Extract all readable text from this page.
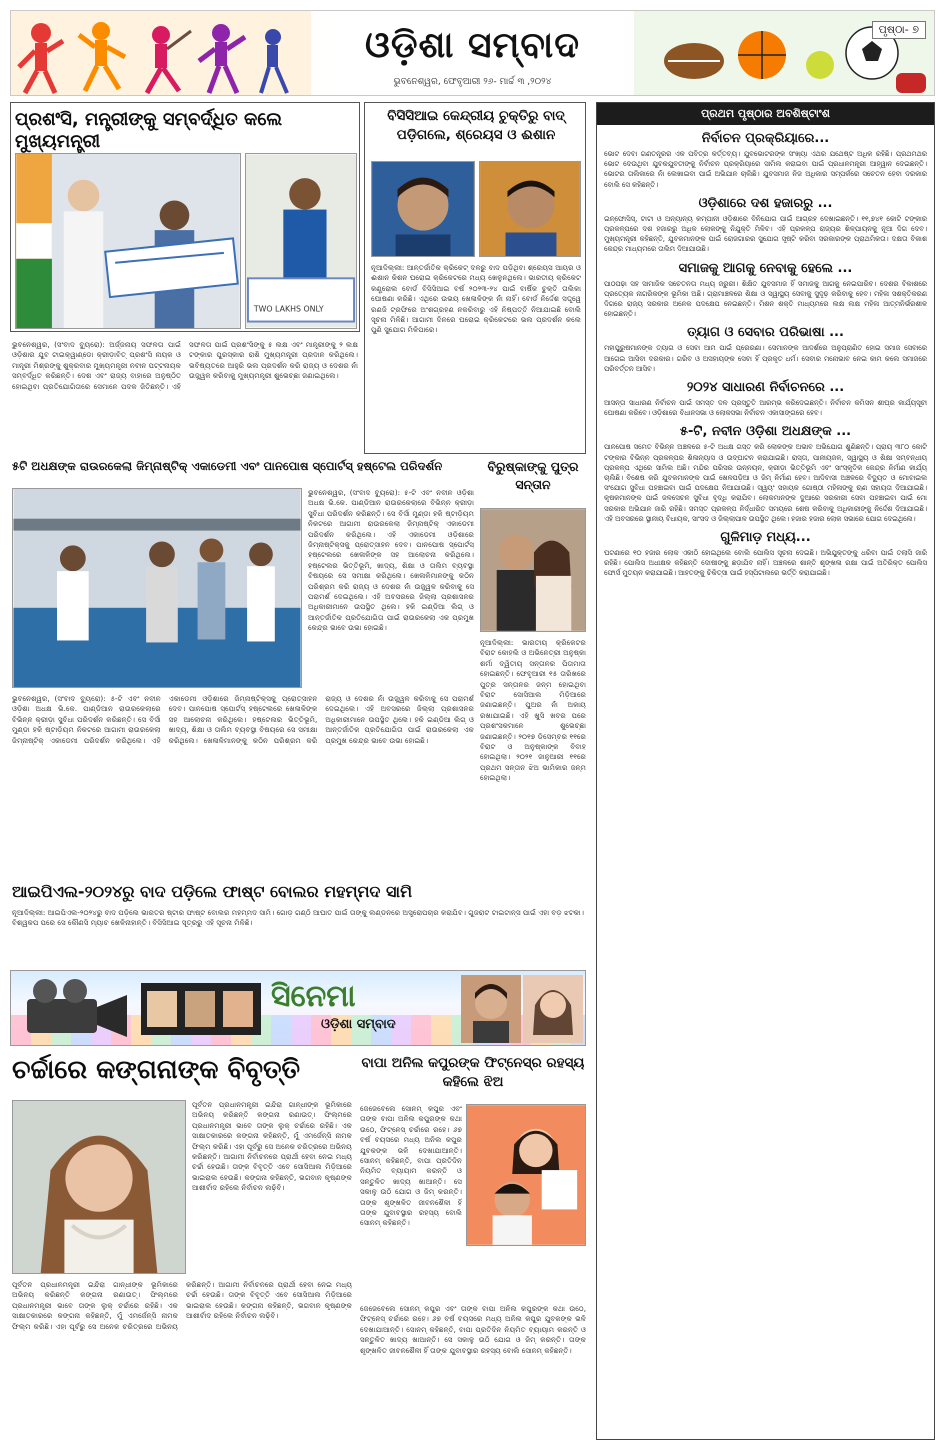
ଓଡ଼ିଶା ସମ୍ବାଦ
ଭୁବନେଶ୍ୱର, ଫେବୃଆରୀ ୨୬- ମାର୍ଚ୍ଚ ୩ ,୨୦୨୪
ପୃଷ୍ଠା- ୭
ପ୍ରଶଂସି, ମନ୍ତ୍ରୀଙ୍କୁ ସମ୍ବର୍ଦ୍ଧିତ କଲେ ମୁଖ୍ୟମନ୍ତ୍ରୀ
TWO LAKHS ONLY
ଭୁବନେଶ୍ୱର, (ସଂବାଦ ବ୍ୟୁରୋ): ଅର୍ଜ୍ଜନାୟ ସଫଳତା ପାଇଁ ଓଡ଼ିଶାର ଯୁବ ଟାଇକ୍ୱାଣ୍ଡୋ କ୍ରୀଡ଼ାବିତ୍ ପ୍ରଶଂସି ନାୟକ ଓ ମାନ୍ତ୍ରୀ ମିଶ୍ରଙ୍କୁ ଶୁକ୍ରବାର ମୁଖ୍ୟମନ୍ତ୍ରୀ ନବୀନ ପଟ୍ଟନାୟକ ସମ୍ବର୍ଦ୍ଧିତ କରିଛନ୍ତି। ଦେଶ ଏବଂ ରାଜ୍ୟ ବାହାରେ ଅନୁଷ୍ଠିତ ହୋଇଥିବା ପ୍ରତିଯୋଗିତାରେ ସେମାନେ ପଦକ ଜିତିଛନ୍ତି। ଏହି ସଫଳତା ପାଇଁ ପ୍ରଶଂସିଙ୍କୁ ୫ ଲକ୍ଷ ଏବଂ ମାନ୍ତ୍ରୀଙ୍କୁ ୨ ଲକ୍ଷ ଟଙ୍କାର ପୁରସ୍କାର ରାଶି ମୁଖ୍ୟମନ୍ତ୍ରୀ ପ୍ରଦାନ କରିଥିଲେ। ଭବିଷ୍ୟତରେ ଆହୁରି ଭଲ ପ୍ରଦର୍ଶନ କରି ରାଜ୍ୟ ଓ ଦେଶର ନାଁ ଉଜ୍ଜ୍ୱଳ କରିବାକୁ ମୁଖ୍ୟମନ୍ତ୍ରୀ ଶୁଭେଚ୍ଛା ଜଣାଇଥିଲେ।
ବିସିସିଆଇ କେନ୍ଦ୍ରୀୟ ଚୁକ୍ତିରୁ ବାଦ୍ ପଡ଼ିଗଲେ, ଶ୍ରେୟସ ଓ ଈଶାନ
ନୂଆଦିଲ୍ଲୀ: ଆନ୍ତର୍ଜାତିକ କ୍ରିକେଟ୍ ଦଳରୁ ବାଦ ପଡ଼ିଥିବା ଶ୍ରେୟସ ଆୟର ଓ ଈଶାନ କିଶନ ଘରୋଇ କ୍ରିକେଟରେ ମଧ୍ୟ ଖେଳୁନଥିଲେ। ଭାରତୀୟ କ୍ରିକେଟ କଣ୍ଟ୍ରୋଲ ବୋର୍ଡ ବିସିସିଆଇ ବର୍ଷ ୨୦୨୩-୨୪ ପାଇଁ ବାର୍ଷିକ ଚୁକ୍ତି ତାଲିକା ଘୋଷଣା କରିଛି। ଏଥିରେ ଉଭୟ ଖେଳାଳିଙ୍କ ନାଁ ନାହିଁ। ବୋର୍ଡ ନିର୍ଦ୍ଦେଶ ସତ୍ତ୍ୱେ ରଣଜି ଟ୍ରଫିରେ ଅଂଶଗ୍ରହଣ ନକରିବାରୁ ଏହି ନିଷ୍ପତ୍ତି ନିଆଯାଇଛି ବୋଲି ସୂଚନା ମିଳିଛି। ଆଗାମୀ ଦିନରେ ଘରୋଇ କ୍ରିକେଟରେ ଭଲ ପ୍ରଦର୍ଶନ କଲେ ପୁଣି ସୁଯୋଗ ମିଳିପାରେ।
୫ଟି ଅଧକ୍ଷଙ୍କ ରାଉରକେଲା ଜିମ୍ନାଷ୍ଟିକ୍ ଏକାଡେମୀ ଏବଂ ପାନପୋଷ ସ୍ପୋର୍ଟସ୍ ହଷ୍ଟେଲ ପରିଦର୍ଶନ
ଭୁବନେଶ୍ୱର, (ସଂବାଦ ବ୍ୟୁରୋ): ୫-ଟି ଏବଂ ନବୀନ ଓଡ଼ିଶା ଅଧକ୍ଷ ଭି.କେ. ପାଣ୍ଡିଆନ ରାଉରକେଲାରେ ବିଭିନ୍ନ କ୍ରୀଡ଼ା ସୁବିଧା ପରିଦର୍ଶନ କରିଛନ୍ତି। ସେ ବିର୍ସା ମୁଣ୍ଡା ହକି ଷ୍ଟାଡ଼ିୟମ ନିକଟରେ ଆଗାମୀ ରାଉରକେଲା ଜିମ୍ନାଷ୍ଟିକ୍ ଏକାଡେମୀ ପରିଦର୍ଶନ କରିଥିଲେ। ଏହି ଏକାଡେମୀ ଓଡ଼ିଶାରେ ଜିମ୍ନାଷ୍ଟିକ୍ସକୁ ପ୍ରୋତ୍ସାହନ ଦେବ। ପାନପୋଷ ସ୍ପୋର୍ଟସ୍ ହଷ୍ଟେଲରେ ଖେଳାଳିଙ୍କ ସହ ଆଲୋଚନା କରିଥିଲେ। ହଷ୍ଟେଲର ଭିତ୍ତିଭୂମି, ଖାଦ୍ୟ, ଶିକ୍ଷା ଓ ତାଲିମ ବ୍ୟବସ୍ଥା ବିଷୟରେ ସେ ସମୀକ୍ଷା କରିଥିଲେ। ଖେଳାଳିମାନଙ୍କୁ କଠିନ ପରିଶ୍ରମ କରି ରାଜ୍ୟ ଓ ଦେଶର ନାଁ ଉଜ୍ଜ୍ୱଳ କରିବାକୁ ସେ ପରାମର୍ଶ ଦେଇଥିଲେ। ଏହି ଅବସରରେ ଜିଲ୍ଲା ପ୍ରଶାସନର ଅଧିକାରୀମାନେ ଉପସ୍ଥିତ ଥିଲେ। ହକି ଇଣ୍ଡିଆ ଲିଗ୍ ଓ ଆନ୍ତର୍ଜାତିକ ପ୍ରତିଯୋଗିତା ପାଇଁ ରାଉରକେଲା ଏକ ପ୍ରମୁଖ କେନ୍ଦ୍ର ଭାବେ ଉଭା ହୋଇଛି।
ଭୁବନେଶ୍ୱର, (ସଂବାଦ ବ୍ୟୁରୋ): ୫-ଟି ଏବଂ ନବୀନ ଓଡ଼ିଶା ଅଧକ୍ଷ ଭି.କେ. ପାଣ୍ଡିଆନ ରାଉରକେଲାରେ ବିଭିନ୍ନ କ୍ରୀଡ଼ା ସୁବିଧା ପରିଦର୍ଶନ କରିଛନ୍ତି। ସେ ବିର୍ସା ମୁଣ୍ଡା ହକି ଷ୍ଟାଡ଼ିୟମ ନିକଟରେ ଆଗାମୀ ରାଉରକେଲା ଜିମ୍ନାଷ୍ଟିକ୍ ଏକାଡେମୀ ପରିଦର୍ଶନ କରିଥିଲେ। ଏହି ଏକାଡେମୀ ଓଡ଼ିଶାରେ ଜିମ୍ନାଷ୍ଟିକ୍ସକୁ ପ୍ରୋତ୍ସାହନ ଦେବ। ପାନପୋଷ ସ୍ପୋର୍ଟସ୍ ହଷ୍ଟେଲରେ ଖେଳାଳିଙ୍କ ସହ ଆଲୋଚନା କରିଥିଲେ। ହଷ୍ଟେଲର ଭିତ୍ତିଭୂମି, ଖାଦ୍ୟ, ଶିକ୍ଷା ଓ ତାଲିମ ବ୍ୟବସ୍ଥା ବିଷୟରେ ସେ ସମୀକ୍ଷା କରିଥିଲେ। ଖେଳାଳିମାନଙ୍କୁ କଠିନ ପରିଶ୍ରମ କରି ରାଜ୍ୟ ଓ ଦେଶର ନାଁ ଉଜ୍ଜ୍ୱଳ କରିବାକୁ ସେ ପରାମର୍ଶ ଦେଇଥିଲେ। ଏହି ଅବସରରେ ଜିଲ୍ଲା ପ୍ରଶାସନର ଅଧିକାରୀମାନେ ଉପସ୍ଥିତ ଥିଲେ। ହକି ଇଣ୍ଡିଆ ଲିଗ୍ ଓ ଆନ୍ତର୍ଜାତିକ ପ୍ରତିଯୋଗିତା ପାଇଁ ରାଉରକେଲା ଏକ ପ୍ରମୁଖ କେନ୍ଦ୍ର ଭାବେ ଉଭା ହୋଇଛି।
ବିରୁଷ୍କାଙ୍କୁ ପୁତ୍ର ସନ୍ତାନ
ନୂଆଦିଲ୍ଲୀ: ଭାରତୀୟ କ୍ରିକେଟର ବିରାଟ କୋହଲି ଓ ଅଭିନେତ୍ରୀ ଅନୁଷ୍କା ଶର୍ମା ଦ୍ୱିତୀୟ ସନ୍ତାନର ପିତାମାତା ହୋଇଛନ୍ତି। ଫେବୃଆରୀ ୧୫ ତାରିଖରେ ପୁତ୍ର ସନ୍ତାନର ଜନ୍ମ ହୋଇଥିବା ବିରାଟ ସୋସିଆଲ ମିଡ଼ିଆରେ ଜଣାଇଛନ୍ତି। ପୁଅର ନାଁ ଅକାୟ ରଖାଯାଇଛି। ଏହି ଖୁସି ଖବର ପରେ ପ୍ରଶଂସକମାନେ ଶୁଭେଚ୍ଛା ଜଣାଇଛନ୍ତି। ୨୦୧୭ ଡିସେମ୍ବର ୧୧ରେ ବିରାଟ ଓ ଅନୁଷ୍କାଙ୍କ ବିବାହ ହୋଇଥିଲା। ୨୦୨୧ ଜାନୁଆରୀ ୧୧ରେ ପ୍ରଥମ ସନ୍ତାନ ଝିଅ ଭାମିକାର ଜନ୍ମ ହୋଇଥିଲା।
ଆଇପିଏଲ-୨୦୨୪ରୁ ବାଦ ପଡ଼ିଲେ ଫାଷ୍ଟ ବୋଲର ମହମ୍ମଦ ସାମି
ନୂଆଦିଲ୍ଲୀ: ଆଇପିଏଲ-୨୦୨୪ରୁ ବାଦ ପଡ଼ିଲେ ଭାରତର ଷ୍ଟାର ଫାଷ୍ଟ ବୋଲର ମହମ୍ମଦ ସାମି। ଗୋଡ଼ ଗଣ୍ଠି ଆଘାତ ପାଇଁ ତାଙ୍କୁ ଲଣ୍ଡନରେ ଅସ୍ତ୍ରୋପଚାର କରାଯିବ। ଗୁଜରାଟ ଟାଇଟାନ୍ସ ପାଇଁ ଏହା ବଡ଼ ଝଟକା। ବିଶ୍ୱକପ ପରେ ସେ କୌଣସି ମ୍ୟାଚ ଖେଳିନାହାନ୍ତି। ବିସିସିଆଇ ସୂତ୍ରରୁ ଏହି ସୂଚନା ମିଳିଛି।
ସିନେମା
ଓଡ଼ିଶା ସମ୍ବାଦ
ଚର୍ଚ୍ଚାରେ କଙ୍ଗନାଙ୍କ ବିବୃତ୍ତି
ପୂର୍ବତନ ପ୍ରଧାନମନ୍ତ୍ରୀ ଇନ୍ଦିରା ଗାନ୍ଧୀଙ୍କ ଭୂମିକାରେ ଅଭିନୟ କରିଛନ୍ତି କଙ୍ଗନା ରଣାଉତ୍। ଫିଲ୍ମରେ ପ୍ରଧାନମନ୍ତ୍ରୀ ଭାବେ ତାଙ୍କ ଲୁକ୍ ଚର୍ଚ୍ଚାରେ ରହିଛି। ଏକ ସାକ୍ଷାତକାରରେ କଙ୍ଗନା କହିଛନ୍ତି, ମୁଁ ଏମର୍ଜେନ୍ସି ନାମକ ଫିଲ୍ମ କରିଛି। ଏହା ପୂର୍ବରୁ ସେ ଅନେକ ଚରିତ୍ରରେ ଅଭିନୟ କରିଛନ୍ତି। ଆଗାମୀ ନିର୍ବାଚନରେ ପ୍ରାର୍ଥୀ ହେବା ନେଇ ମଧ୍ୟ ଚର୍ଚ୍ଚା ହେଉଛି। ତାଙ୍କ ବିବୃତ୍ତି ଏବେ ସୋସିଆଲ ମିଡ଼ିଆରେ ଭାଇରାଲ ହେଉଛି। କଙ୍ଗନା କହିଛନ୍ତି, ଭଗବାନ କୃଷ୍ଣଙ୍କ ଆଶୀର୍ବାଦ ରହିଲେ ନିର୍ବାଚନ ଲଢ଼ିବି।
ପୂର୍ବତନ ପ୍ରଧାନମନ୍ତ୍ରୀ ଇନ୍ଦିରା ଗାନ୍ଧୀଙ୍କ ଭୂମିକାରେ ଅଭିନୟ କରିଛନ୍ତି କଙ୍ଗନା ରଣାଉତ୍। ଫିଲ୍ମରେ ପ୍ରଧାନମନ୍ତ୍ରୀ ଭାବେ ତାଙ୍କ ଲୁକ୍ ଚର୍ଚ୍ଚାରେ ରହିଛି। ଏକ ସାକ୍ଷାତକାରରେ କଙ୍ଗନା କହିଛନ୍ତି, ମୁଁ ଏମର୍ଜେନ୍ସି ନାମକ ଫିଲ୍ମ କରିଛି। ଏହା ପୂର୍ବରୁ ସେ ଅନେକ ଚରିତ୍ରରେ ଅଭିନୟ କରିଛନ୍ତି। ଆଗାମୀ ନିର୍ବାଚନରେ ପ୍ରାର୍ଥୀ ହେବା ନେଇ ମଧ୍ୟ ଚର୍ଚ୍ଚା ହେଉଛି। ତାଙ୍କ ବିବୃତ୍ତି ଏବେ ସୋସିଆଲ ମିଡ଼ିଆରେ ଭାଇରାଲ ହେଉଛି। କଙ୍ଗନା କହିଛନ୍ତି, ଭଗବାନ କୃଷ୍ଣଙ୍କ ଆଶୀର୍ବାଦ ରହିଲେ ନିର୍ବାଚନ ଲଢ଼ିବି।
ବାପା ଅନିଲ କପୁରଙ୍କ ଫିଟ୍‌ନେସ୍‌ର ରହସ୍ୟ କହିଲେ ଝିଅ
ଜେଜେବେଲେ ସୋନମ୍ କପୁର ଏବଂ ତାଙ୍କ ବାପା ଅନିଲ କପୁରଙ୍କ କଥା ଉଠେ, ଫିଟ୍‌ନେସ୍ ଚର୍ଚ୍ଚାରେ ରହେ। ୬୭ ବର୍ଷ ବୟସରେ ମଧ୍ୟ ଅନିଲ କପୁର ଯୁବକଙ୍କ ଭଳି ଦେଖାଯାଆନ୍ତି। ସୋନମ୍ କହିଛନ୍ତି, ବାପା ପ୍ରତିଦିନ ନିୟମିତ ବ୍ୟାୟାମ କରନ୍ତି ଓ ସନ୍ତୁଳିତ ଖାଦ୍ୟ ଖାଆନ୍ତି। ସେ ସକାଳୁ ଉଠି ଯୋଗ ଓ ଜିମ୍ କରନ୍ତି। ତାଙ୍କ ଶୃଙ୍ଖଳିତ ଜୀବନଶୈଳୀ ହିଁ ତାଙ୍କ ଯୁବାବସ୍ଥାର ରହସ୍ୟ ବୋଲି ସୋନମ୍ କହିଛନ୍ତି।
ଜେଜେବେଲେ ସୋନମ୍ କପୁର ଏବଂ ତାଙ୍କ ବାପା ଅନିଲ କପୁରଙ୍କ କଥା ଉଠେ, ଫିଟ୍‌ନେସ୍ ଚର୍ଚ୍ଚାରେ ରହେ। ୬୭ ବର୍ଷ ବୟସରେ ମଧ୍ୟ ଅନିଲ କପୁର ଯୁବକଙ୍କ ଭଳି ଦେଖାଯାଆନ୍ତି। ସୋନମ୍ କହିଛନ୍ତି, ବାପା ପ୍ରତିଦିନ ନିୟମିତ ବ୍ୟାୟାମ କରନ୍ତି ଓ ସନ୍ତୁଳିତ ଖାଦ୍ୟ ଖାଆନ୍ତି। ସେ ସକାଳୁ ଉଠି ଯୋଗ ଓ ଜିମ୍ କରନ୍ତି। ତାଙ୍କ ଶୃଙ୍ଖଳିତ ଜୀବନଶୈଳୀ ହିଁ ତାଙ୍କ ଯୁବାବସ୍ଥାର ରହସ୍ୟ ବୋଲି ସୋନମ୍ କହିଛନ୍ତି।
ପ୍ରଥମ ପୃଷ୍ଠାର ଅବଶିଷ୍ଟାଂଶ
ନିର୍ବାଚନ ପ୍ରକ୍ରିୟାରେ...
ଭୋଟ ଦେବା ଗଣତନ୍ତ୍ରର ଏକ ପବିତ୍ର କର୍ତ୍ତବ୍ୟ। ଯୁବଭୋଟରଙ୍କ ସଂଖ୍ୟା ଏଥର ଯଥେଷ୍ଟ ଅଧିକ ରହିଛି। ପ୍ରଥମଥର ଭୋଟ ଦେଉଥିବା ଯୁବକଯୁବତୀଙ୍କୁ ନିର୍ବାଚନ ପ୍ରକ୍ରିୟାରେ ସାମିଲ କରାଇବା ପାଇଁ ପ୍ରଧାନମନ୍ତ୍ରୀ ଆହ୍ୱାନ ଦେଇଛନ୍ତି। ଭୋଟର ତାଲିକାରେ ନାଁ ଲେଖାଇବା ପାଇଁ ଅଭିଯାନ ଚାଲିଛି। ଯୁବସମାଜ ନିଜ ଅଧିକାର ସମ୍ପର୍କରେ ସଚେତନ ହେବା ଦରକାର ବୋଲି ସେ କହିଛନ୍ତି।
ଓଡ଼ିଶାରେ ଦଶ ହଜାରରୁ ...
ଇନ୍ଫୋସିସ୍, ଟାଟା ଓ ଅନ୍ୟାନ୍ୟ କମ୍ପାନୀ ଓଡ଼ିଶାରେ ବିନିଯୋଗ ପାଇଁ ଆଗ୍ରହ ଦେଖାଇଛନ୍ତି। ୧୧,୭୪୧ କୋଟି ଟଙ୍କାର ପ୍ରକଳ୍ପରେ ଦଶ ହଜାରରୁ ଅଧିକ ଲୋକଙ୍କୁ ନିଯୁକ୍ତି ମିଳିବ। ଏହି ପ୍ରକଳ୍ପ ରାଜ୍ୟର ଶିଳ୍ପାୟନକୁ ନୂଆ ଦିଗ ଦେବ। ମୁଖ୍ୟମନ୍ତ୍ରୀ କହିଛନ୍ତି, ଯୁବକମାନଙ୍କ ପାଇଁ ରୋଜଗାରର ସୁଯୋଗ ସୃଷ୍ଟି କରିବା ସରକାରଙ୍କ ପ୍ରାଥମିକତା। ଦକ୍ଷତା ବିକାଶ କେନ୍ଦ୍ର ମାଧ୍ୟମରେ ତାଲିମ ଦିଆଯାଉଛି।
ସମାଜକୁ ଆଗକୁ ନେବାକୁ ହେଲେ ...
ପାଠପଢ଼ା ସହ ସାମାଜିକ ସଚେତନତା ମଧ୍ୟ ଜରୁରୀ। ଶିକ୍ଷିତ ଯୁବସମାଜ ହିଁ ସମାଜକୁ ଆଗକୁ ନେଇପାରିବ। ଦେଶର ବିକାଶରେ ପ୍ରତ୍ୟେକ ନାଗରିକଙ୍କ ଭୂମିକା ଅଛି। ଗ୍ରାମାଞ୍ଚଳରେ ଶିକ୍ଷା ଓ ସ୍ୱାସ୍ଥ୍ୟ ସେବାକୁ ସୁଦୃଢ଼ କରିବାକୁ ହେବ। ମହିଳା ସଶକ୍ତିକରଣ ଦିଗରେ ରାଜ୍ୟ ସରକାର ଅନେକ ପଦକ୍ଷେପ ନେଇଛନ୍ତି। ମିଶନ ଶକ୍ତି ମାଧ୍ୟମରେ ଲକ୍ଷ ଲକ୍ଷ ମହିଳା ଆତ୍ମନିର୍ଭରଶୀଳ ହୋଇଛନ୍ତି।
ତ୍ୟାଗ ଓ ସେବାର ପରିଭାଷା ...
ମହାପୁରୁଷମାନଙ୍କ ତ୍ୟାଗ ଓ ସେବା ଆମ ପାଇଁ ପ୍ରେରଣା। ସେମାନଙ୍କ ଆଦର୍ଶରେ ଅନୁପ୍ରାଣିତ ହୋଇ ସମାଜ ସେବାରେ ଆଗେଇ ଆସିବା ଦରକାର। ଗରିବ ଓ ଅସହାୟଙ୍କ ସେବା ହିଁ ପ୍ରକୃତ ଧର୍ମ। ସେବାର ମନୋଭାବ ନେଇ କାମ କଲେ ସମାଜରେ ପରିବର୍ତ୍ତନ ଆସିବ।
୨୦୨୪ ସାଧାରଣ ନିର୍ବାଚନରେ ...
ଆସନ୍ତା ସାଧାରଣ ନିର୍ବାଚନ ପାଇଁ ସମସ୍ତ ଦଳ ପ୍ରସ୍ତୁତି ଆରମ୍ଭ କରିଦେଇଛନ୍ତି। ନିର୍ବାଚନ କମିସନ ଶୀଘ୍ର କାର୍ଯ୍ୟସୂଚୀ ଘୋଷଣା କରିବେ। ଓଡ଼ିଶାରେ ବିଧାନସଭା ଓ ଲୋକସଭା ନିର୍ବାଚନ ଏକାସାଙ୍ଗରେ ହେବ।
୫-ଟି, ନବୀନ ଓଡ଼ିଶା ଅଧକ୍ଷଙ୍କ ...
ପାନପୋଷ ସମେତ ବିଭିନ୍ନ ଅଞ୍ଚଳରେ ୫-ଟି ଅଧକ୍ଷ ଗସ୍ତ କରି ଲୋକଙ୍କ ଅଭାବ ଅଭିଯୋଗ ଶୁଣିଛନ୍ତି। ପ୍ରାୟ ୩୮୦ କୋଟି ଟଙ୍କାର ବିଭିନ୍ନ ପ୍ରକଳ୍ପର ଶିଳାନ୍ୟାସ ଓ ଉଦ୍‌ଘାଟନ କରାଯାଇଛି। ରାସ୍ତା, ପାନୀୟଜଳ, ସ୍ୱାସ୍ଥ୍ୟ ଓ ଶିକ୍ଷା ସମ୍ବନ୍ଧୀୟ ପ୍ରକଳ୍ପ ଏଥିରେ ସାମିଲ ଅଛି। ମନ୍ଦିର ପରିସର ଉନ୍ନୟନ, କ୍ରୀଡ଼ା ଭିତ୍ତିଭୂମି ଏବଂ ସାଂସ୍କୃତିକ କେନ୍ଦ୍ର ନିର୍ମାଣ କାର୍ଯ୍ୟ ଚାଲିଛି। ବିଶେଷ କରି ଯୁବକମାନଙ୍କ ପାଇଁ ଖେଳପଡ଼ିଆ ଓ ଜିମ୍ ନିର୍ମାଣ ହେବ। ଆଦିବାସୀ ଅଞ୍ଚଳରେ ବିଦ୍ୟୁତ ଓ ମୋବାଇଲ ସଂଯୋଗ ସୁବିଧା ପହଞ୍ଚାଇବା ପାଇଁ ପଦକ୍ଷେପ ନିଆଯାଉଛି। ସ୍ୱୟଂ ସହାୟକ ଗୋଷ୍ଠୀ ମହିଳାଙ୍କୁ ଋଣ ସହାୟତା ଦିଆଯାଇଛି। କୃଷକମାନଙ୍କ ପାଇଁ ଜଳସେଚନ ସୁବିଧା ବୃଦ୍ଧି କରାଯିବ। ଲୋକମାନଙ୍କ ଦୁଆରେ ସରକାରୀ ସେବା ପହଞ୍ଚାଇବା ପାଇଁ ମୋ ସରକାର ଅଭିଯାନ ଜାରି ରହିଛି। ସମସ୍ତ ପ୍ରକଳ୍ପ ନିର୍ଦ୍ଧାରିତ ସମୟରେ ଶେଷ କରିବାକୁ ଅଧିକାରୀଙ୍କୁ ନିର୍ଦ୍ଦେଶ ଦିଆଯାଇଛି। ଏହି ଅବସରରେ ସ୍ଥାନୀୟ ବିଧାୟକ, ସାଂସଦ ଓ ଜିଲ୍ଲାପାଳ ଉପସ୍ଥିତ ଥିଲେ। ହଜାର ହଜାର ଲୋକ ସଭାରେ ଯୋଗ ଦେଇଥିଲେ।
ଗୁଳିମାଡ଼ ମଧ୍ୟ...
ଘଟଣାରେ ୧୦ ହଜାର ଲୋକ ଏକାଠି ହୋଇଥିଲେ ବୋଲି ପୋଲିସ ସୂଚନା ଦେଇଛି। ଅଭିଯୁକ୍ତଙ୍କୁ ଧରିବା ପାଇଁ ତଲାସି ଜାରି ରହିଛି। ପୋଲିସ ଅଧୀକ୍ଷକ କହିଛନ୍ତି ଦୋଷୀଙ୍କୁ ଛଡ଼ାଯିବ ନାହିଁ। ଅଞ୍ଚଳରେ ଶାନ୍ତି ଶୃଙ୍ଖଳା ରକ୍ଷା ପାଇଁ ଅତିରିକ୍ତ ପୋଲିସ ଫୋର୍ସ ମୁତୟନ କରାଯାଇଛି। ଆହତଙ୍କୁ ଚିକିତ୍ସା ପାଇଁ ହସ୍ପିଟାଲରେ ଭର୍ତ୍ତି କରାଯାଇଛି।
